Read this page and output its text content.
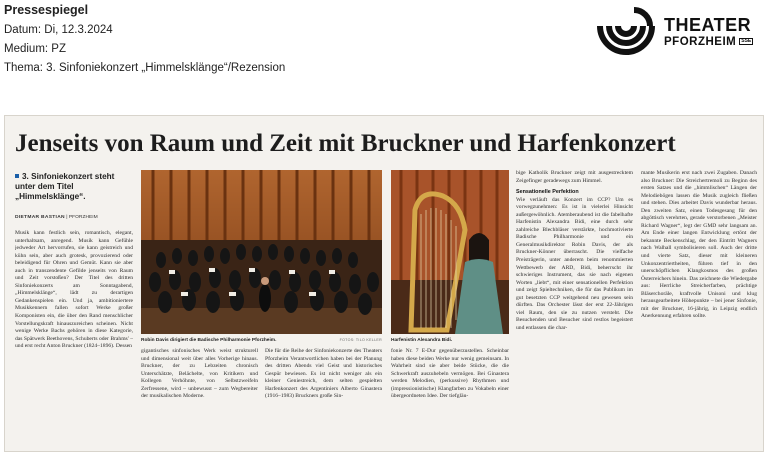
Pressespiegel
Datum: Di, 12.3.2024
Medium: PZ
Thema: 3. Sinfoniekonzert „Himmelsklänge“/Rezension
THEATER
PFORZHEIM SSE
Jenseits von Raum und Zeit mit Bruckner und Harfenkonzert
3. Sinfoniekonzert steht unter dem Titel „Himmelsklänge“.
DIETMAR BASTIAN | PFORZHEIM

Musik kann festlich sein, romantisch, elegant, unterhaltsam, anregend. Musik kann Gefühle jedweder Art hervorrufen, sie kann geistreich und kühn sein, aber auch grotesk, provozierend oder beleidigend für Ohren und Gemüt. Kann sie aber auch in transzendente Gefilde jenseits von Raum und Zeit vorstoßen? Der Titel des dritten Sinfoniekonzerts am Sonntagabend, „Himmelsklänge“, lädt zu derartigen Gedankenspielen ein. Und ja, ambitioniertere Musikkennern fallen sofort Werke großer Komponisten ein, die über den Rand menschlicher Vorstellungskraft hinauszureichen scheinen. Nicht wenige Werke Bachs gehören in diese Kategorie, das Spätwerk Beethovens, Schuberts oder Brahms' – und erst recht Anton Bruckner (1824–1896). Dessen

Robin Davis dirigiert die Badische Philharmonie Pforzheim.	FOTOS: TILO KELLER Harfenistin Alexandra Bidi.

gigantisches sinfonisches Werk weist strukturell und dimensional weit über alles Vorherige hinaus. Bruckner, der zu Lebzeiten chronisch Unterschätzte, Belächelte, von Kritikern und Kollegen Verhöhnte, von Selbstzweifeln Zerfressene, wird – unbewusst – zum Wegbereiter der musikalischen Moderne.

Die für die Reihe der Sinfoniekonzerte des Theaters Pforzheim Verantwortlichen haben bei der Planung des dritten Abends viel Geist und historisches Gespür bewiesen. Es ist nicht weniger als ein kleiner Geniestreich, dem selten gespielten Harfenkonzert des Argentiniers Alberto Ginastera (1916–1983) Bruckners große Sin-

fonie Nr. 7 E-Dur gegenüberzustellen. Scheinbar haben diese beiden Werke nur wenig gemeinsam. In Wahrheit sind sie aber beide Stücke, die die Schwerkraft auszuhebeln vermögen. Bei Ginastera werden Melodien, (perkussive) Rhythmen und (impressionistische) Klangfarben zu Vokabeln einer übergeordneten Idee. Der tiefgläu-

bige Katholik Bruckner zeigt mit ausgestrecktem Zeigefinger geradewegs zum Himmel.

Sensationelle Perfektion

Wie verläuft das Konzert im CCP? Um es vorwegzunehmen: Es ist in vielerlei Hinsicht außergewöhnlich. Atemberaubend ist die fabelhafte Harfenistin Alexandra Bidi, eine durch sehr zahlreiche Blechbläser verstärkte, hochmotivierte Badische Philharmonie und ein Generalmusikdirektor Robin Davis, der als Bruckner-Könner überrascht. Die vielfache Preisträgerin, unter anderem beim renommierten Wettbewerb der ARD, Bidi, beherrscht ihr schwieriges Instrument, das sie nach eigenen Worten „liebt“, mit einer sensationellen Perfektion und zeigt Spieltechniken, die für das Publikum im gut besetzten CCP weitgehend neu gewesen sein dürften. Das Orchester lässt der erst 22-Jährigen viel Raum, den sie zu nutzen versteht. Die Besuchenden und Besucher sind restlos begeistert und entlassen die char-

mante Musikerin erst nach zwei Zugaben. Danach also Bruckner: Die Streichertremoli zu Beginn des ersten Satzes und die „himmlischen“ Längen der Melodiebögen lassen die Musik zugleich fließen und stehen. Dies arbeitet Davis wunderbar heraus. Den zweiten Satz, einen Todesgesang für den abgöttisch verehrten, gerade verstorbenen „Meister Richard Wagner“, legt der GMD sehr langsam an. Am Ende einer langen Entwicklung ertönt der bekannte Beckenschlag, der den Eintritt Wagners nach Walhall symbolisieren soll. Auch der dritte und vierte Satz, dieser mit kleineren Unkonzentriertheiten, führen tief in den unerschöpflichen Klangkosmos des großen Österreichers hinein. Das zeichnete die Wiedergabe aus: Herrliche Streicherfarben, prächtige Bläserchoräle, kraftvolle Unisoni und klug herausgearbeitete Höhepunkte – bei jener Sinfonie, mit der Bruckner, 16-jährig, in Leipzig endlich Anerkennung erfahren sollte.
